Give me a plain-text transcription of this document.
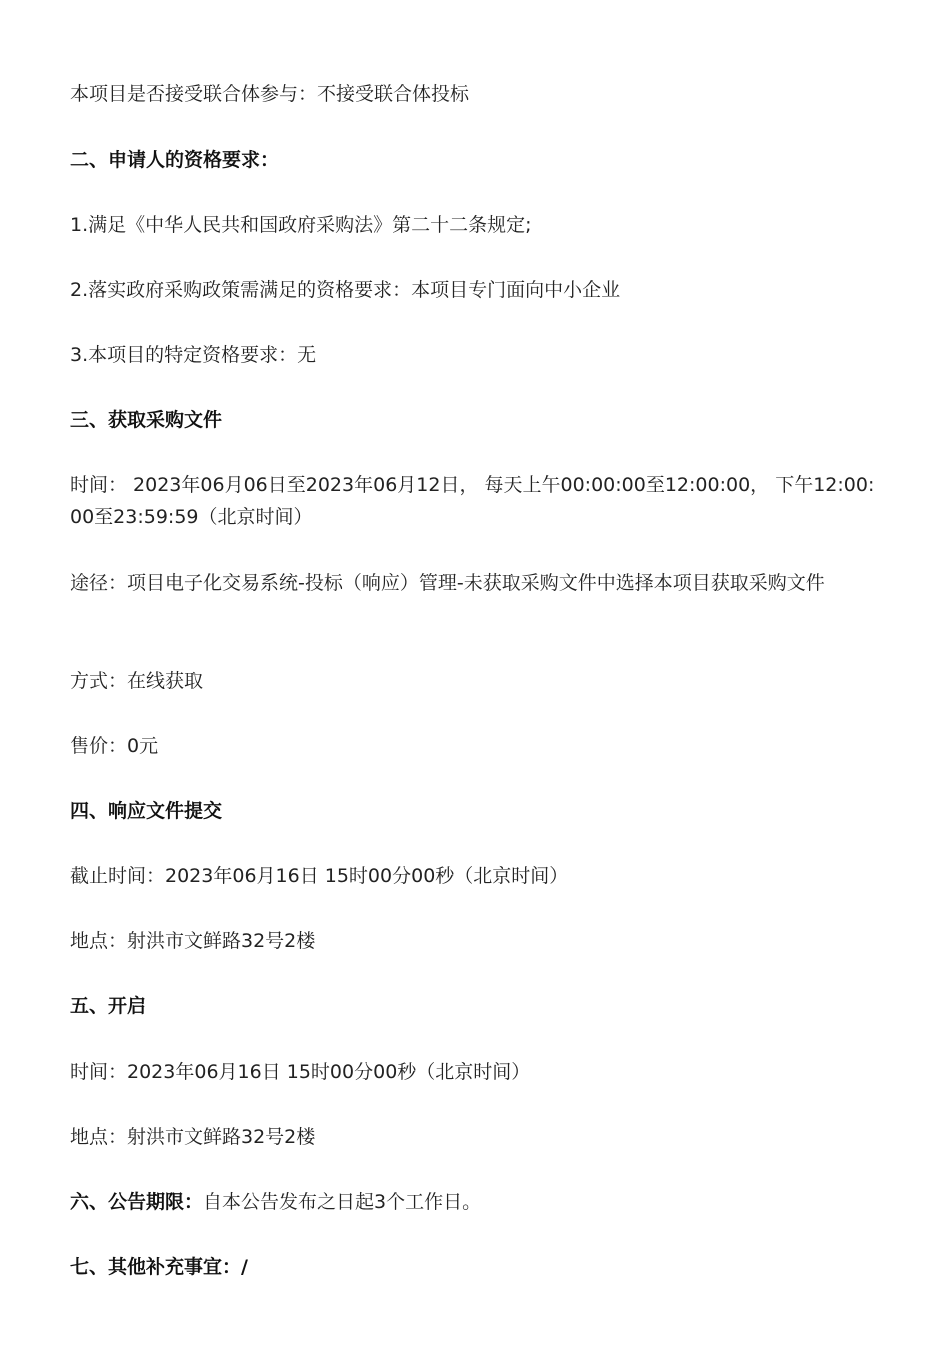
本项目是否接受联合体参与：不接受联合体投标
二、申请人的资格要求：
1.满足《中华人民共和国政府采购法》第二十二条规定;
2.落实政府采购政策需满足的资格要求：本项目专门面向中小企业
3.本项目的特定资格要求：无
三、获取采购文件
时间： 2023年06月06日至2023年06月12日， 每天上午00:00:00至12:00:00， 下午12:00:00至23:59:59（北京时间）
途径：项目电子化交易系统-投标（响应）管理-未获取采购文件中选择本项目获取采购文件
方式：在线获取
售价：0元
四、响应文件提交
截止时间：2023年06月16日 15时00分00秒（北京时间）
地点：射洪市文鲜路32号2楼
五、开启
时间：2023年06月16日 15时00分00秒（北京时间）
地点：射洪市文鲜路32号2楼
六、公告期限：自本公告发布之日起3个工作日。
七、其他补充事宜：/
